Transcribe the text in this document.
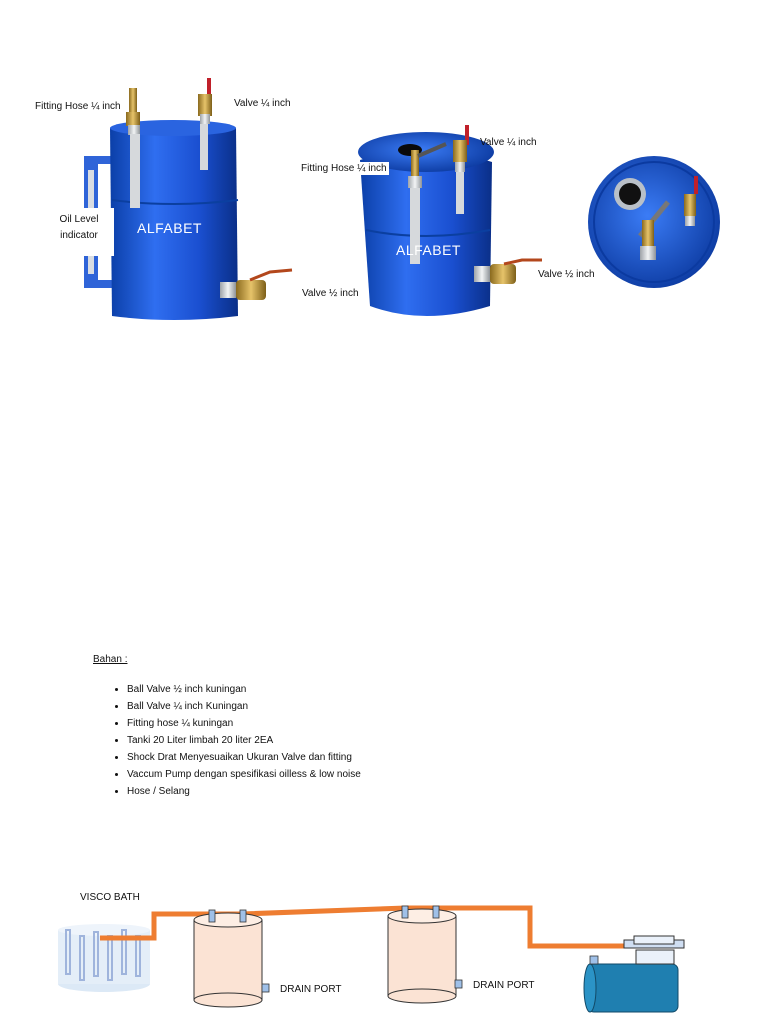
Fitting Hose ¼ inch	Valve ¼ inch
Valve ½ inch
ALFABET
Oil Level
indicator
Fitting Hose ¼ inch
Valve ¼ inch
Valve ½ inch
ALFABET
Bahan :
• Ball Valve ½ inch kuningan
• Ball Valve ¼ inch Kuningan
• Fitting hose ¼ kuningan
• Tanki 20 Liter limbah 20 liter 2EA
• Shock Drat Menyesuaikan Ukuran Valve dan fitting
• Vaccum Pump dengan spesifikasi oilless & low noise
• Hose / Selang
VISCO BATH
DRAIN PORT	DRAIN PORT
